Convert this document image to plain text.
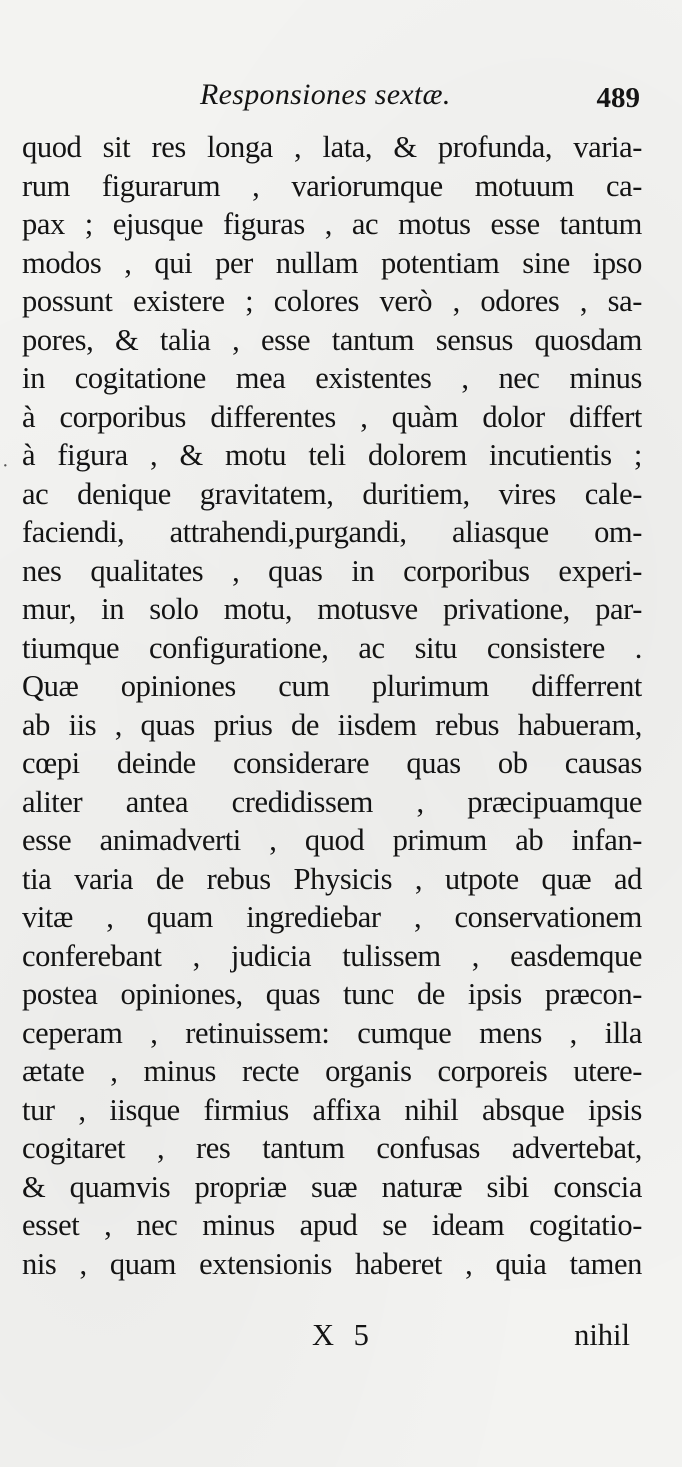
Responsiones sextæ.	489
·
quod sit res longa , lata, & profunda, varia-
rum figurarum , variorumque motuum ca-
pax ; ejusque figuras , ac motus esse tantum
modos , qui per nullam potentiam sine ipso
possunt existere ; colores verò , odores , sa-
pores, & talia , esse tantum sensus quosdam
in cogitatione mea existentes , nec minus
à corporibus differentes , quàm dolor differt
à figura , & motu teli dolorem incutientis ;
ac denique gravitatem, duritiem, vires cale-
faciendi, attrahendi,purgandi, aliasque om-
nes qualitates , quas in corporibus experi-
mur, in solo motu, motusve privatione, par-
tiumque configuratione, ac situ consistere .
Quæ opiniones cum plurimum differrent
ab iis , quas prius de iisdem rebus habueram,
cœpi deinde considerare quas ob causas
aliter antea credidissem , præcipuamque
esse animadverti , quod primum ab infan-
tia varia de rebus Physicis , utpote quæ ad
vitæ , quam ingrediebar , conservationem
conferebant , judicia tulissem , easdemque
postea opiniones, quas tunc de ipsis præcon-
ceperam , retinuissem: cumque mens , illa
ætate , minus recte organis corporeis utere-
tur , iisque firmius affixa nihil absque ipsis
cogitaret , res tantum confusas advertebat,
& quamvis propriæ suæ naturæ sibi conscia
esset , nec minus apud se ideam cogitatio-
nis , quam extensionis haberet , quia tamen
X 5	nihil
